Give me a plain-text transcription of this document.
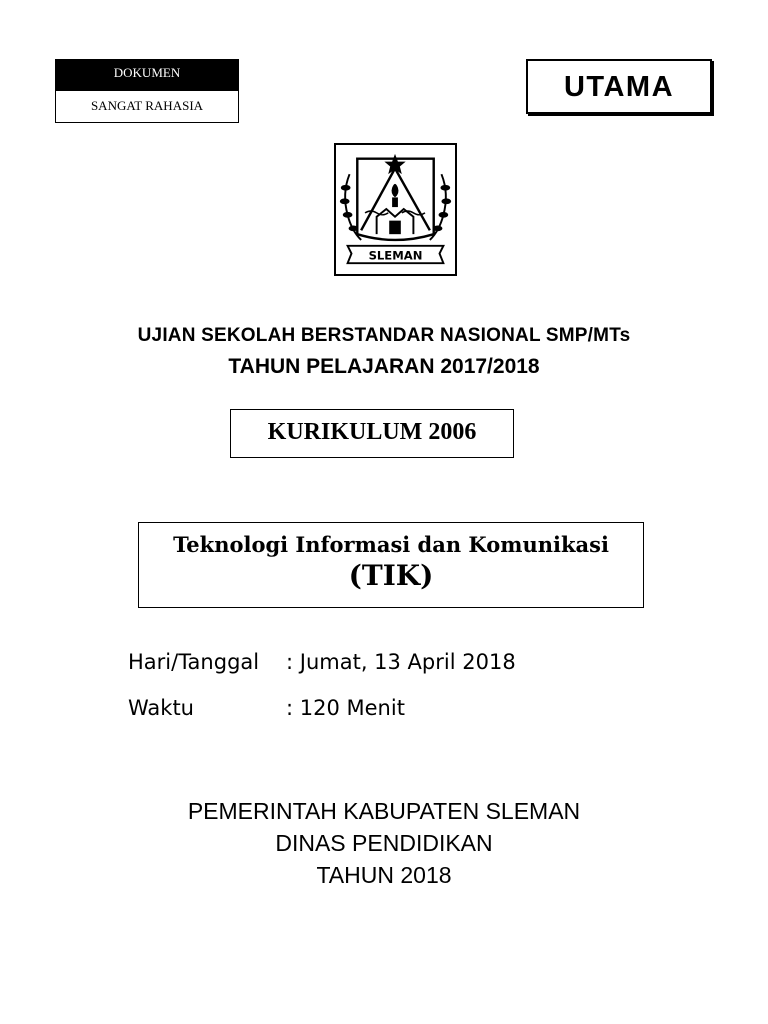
DOKUMEN
SANGAT RAHASIA
UTAMA
SLEMAN
UJIAN SEKOLAH BERSTANDAR NASIONAL SMP/MTs
TAHUN PELAJARAN 2017/2018
KURIKULUM 2006
Teknologi Informasi dan Komunikasi
(TIK)
Hari/Tanggal : Jumat, 13 April 2018
Waktu	: 120 Menit
PEMERINTAH KABUPATEN SLEMAN
DINAS PENDIDIKAN
TAHUN 2018
